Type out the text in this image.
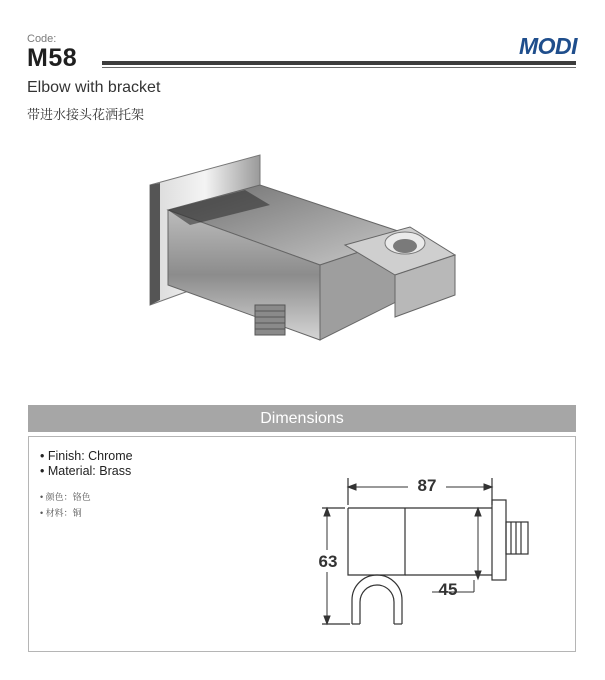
Code:
M58	MODI
Elbow with bracket
带进水接头花洒托架
Dimensions
• Finish: Chrome
• Material: Brass
• 颜色：铬色
• 材料：铜
87
63
45
